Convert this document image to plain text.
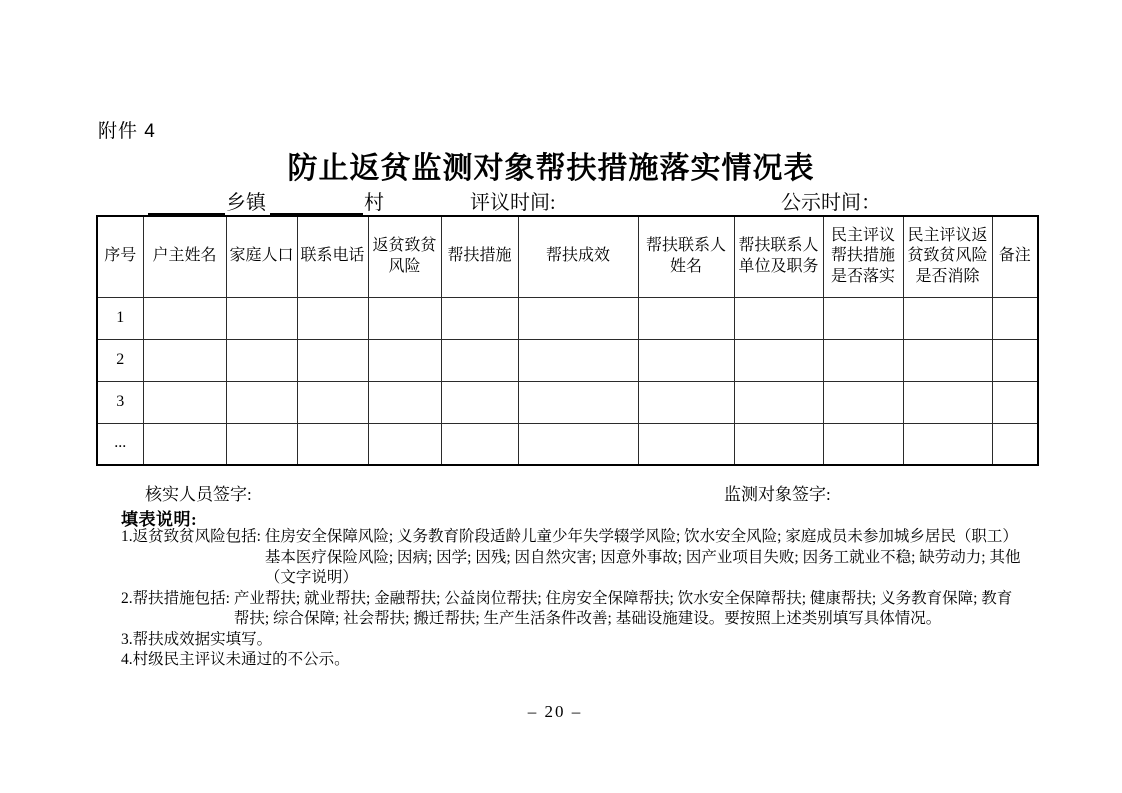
附件 4
防止返贫监测对象帮扶措施落实情况表
乡镇	村	评议时间:	公示时间：
序号	户主姓名	家庭人口	联系电话	返贫致贫风险	帮扶措施	帮扶成效	帮扶联系人姓名	帮扶联系人单位及职务	民主评议帮扶措施是否落实	民主评议返贫致贫风险是否消除	备注
1											
2											
3											
...											
核实人员签字:	监测对象签字:
填表说明:
1.返贫致贫风险包括: 住房安全保障风险; 义务教育阶段适龄儿童少年失学辍学风险; 饮水安全风险; 家庭成员未参加城乡居民（职工）基本医疗保险风险; 因病; 因学; 因残; 因自然灾害; 因意外事故; 因产业项目失败; 因务工就业不稳; 缺劳动力; 其他（文字说明）
2.帮扶措施包括: 产业帮扶; 就业帮扶; 金融帮扶; 公益岗位帮扶; 住房安全保障帮扶; 饮水安全保障帮扶; 健康帮扶; 义务教育保障; 教育帮扶; 综合保障; 社会帮扶; 搬迁帮扶; 生产生活条件改善; 基础设施建设。要按照上述类别填写具体情况。
3. 帮扶成效据实填写。
4. 村级民主评议未通过的不公示。
– 20 –
